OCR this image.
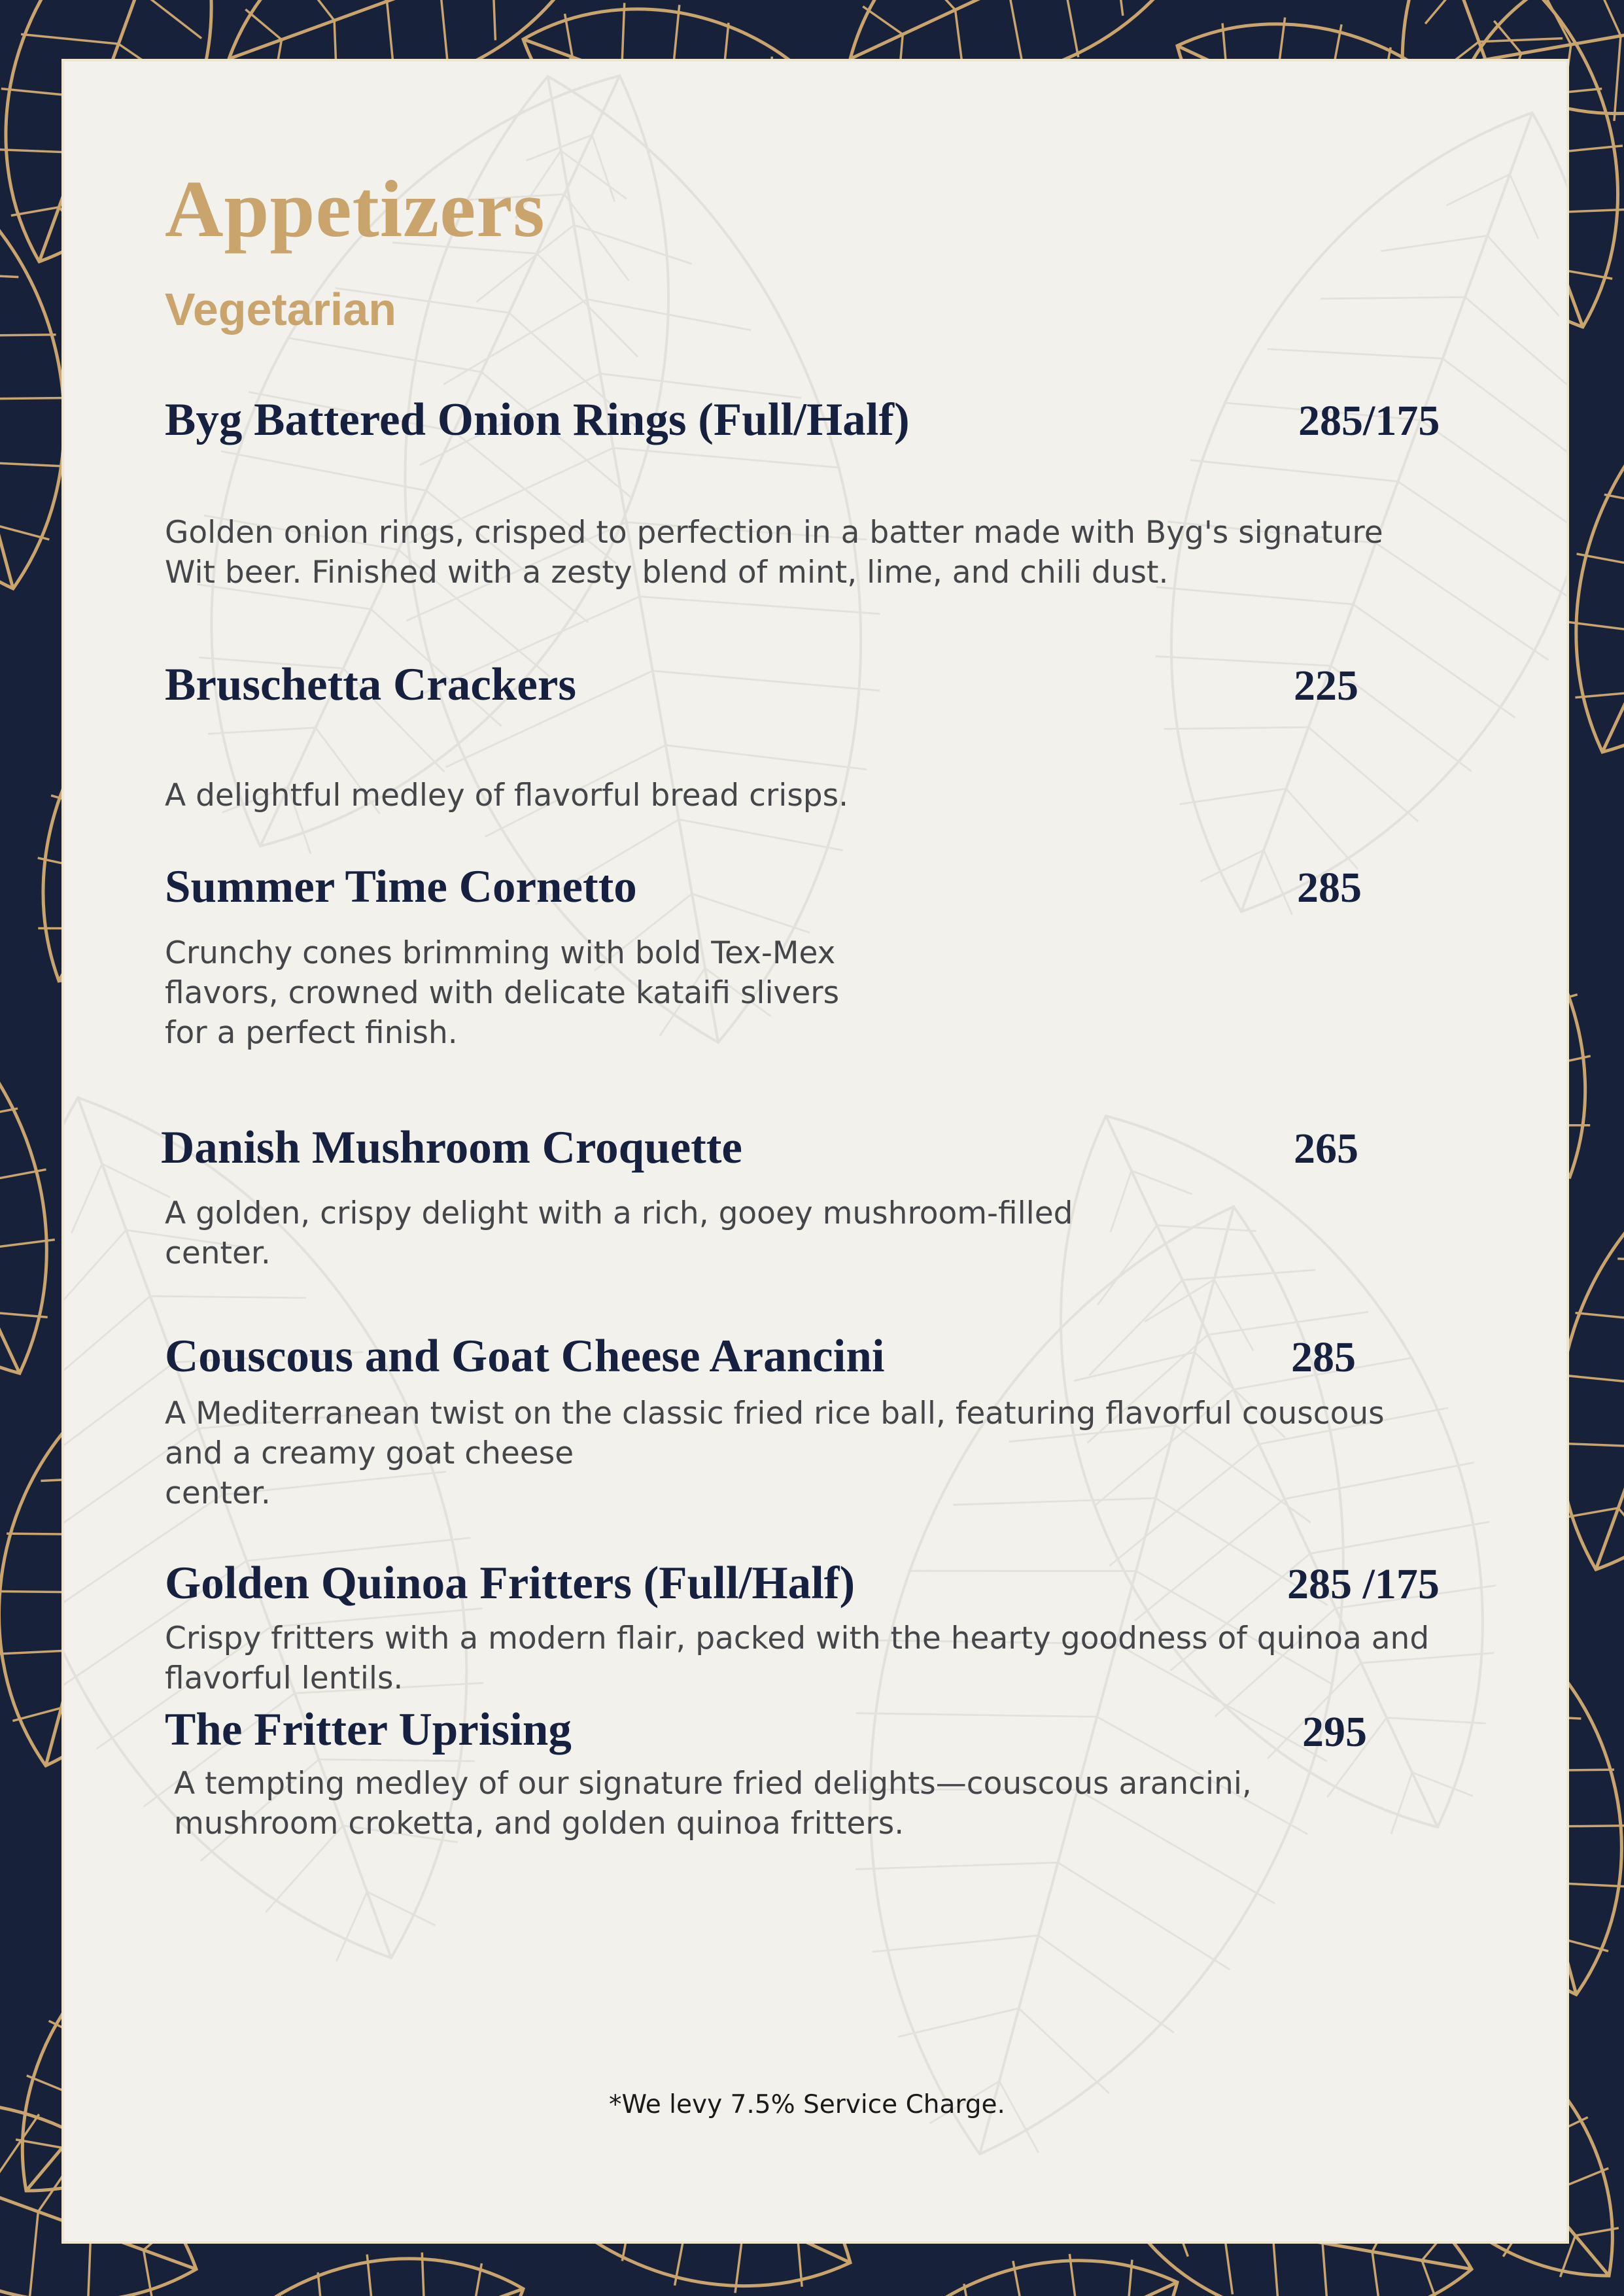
Appetizers
Vegetarian
Byg Battered Onion Rings (Full/Half)	285/175
Golden onion rings, crisped to perfection in a batter made with Byg's signature
Wit beer. Finished with a zesty blend of mint, lime, and chili dust.
Bruschetta Crackers	225
A delightful medley of flavorful bread crisps.
Summer Time Cornetto	285
Crunchy cones brimming with bold Tex-Mex
flavors, crowned with delicate kataifi slivers
for a perfect finish.
Danish Mushroom Croquette	265
A golden, crispy delight with a rich, gooey mushroom-filled
center.
Couscous and Goat Cheese Arancini	285
A Mediterranean twist on the classic fried rice ball, featuring flavorful couscous
and a creamy goat cheese
center.
Golden Quinoa Fritters (Full/Half)	285 /175
Crispy fritters with a modern flair, packed with the hearty goodness of quinoa and
flavorful lentils.
The Fritter Uprising	295
A tempting medley of our signature fried delights—couscous arancini,
mushroom croketta, and golden quinoa fritters.
*We levy 7.5% Service Charge.
